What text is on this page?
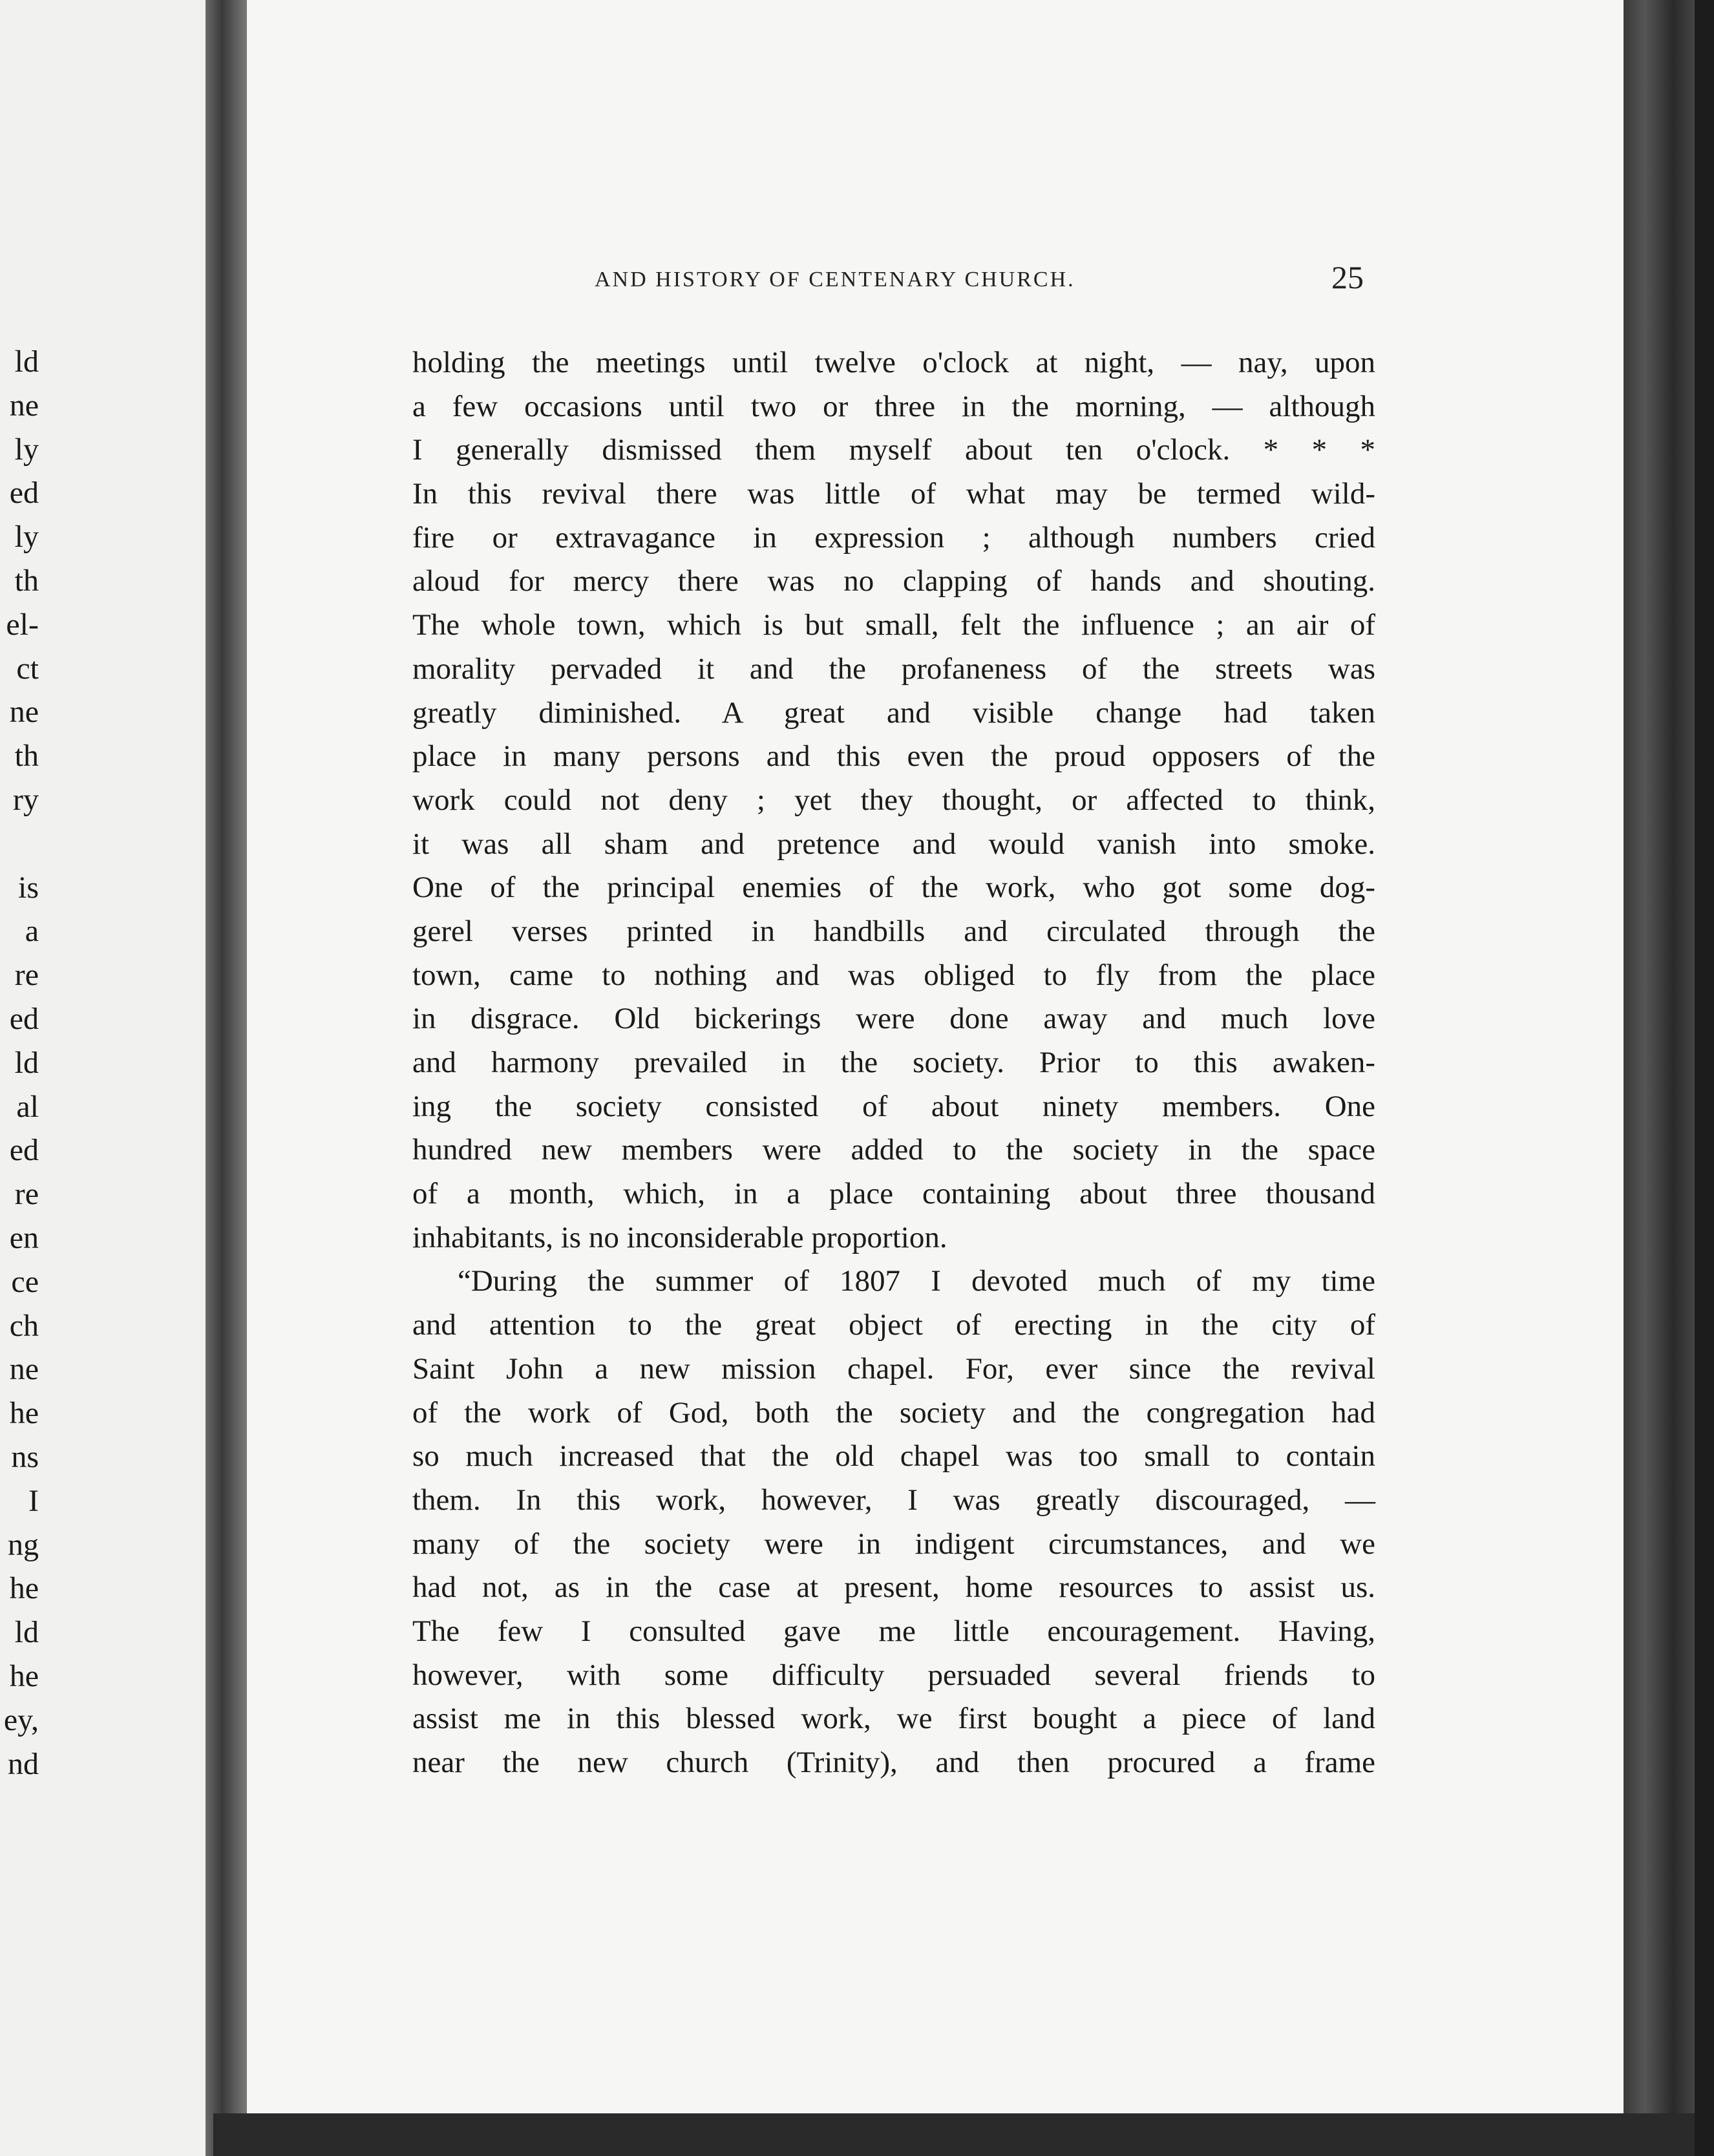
ld
ne
ly
ed
ly
th
el-
ct
ne
th
ry
is
a
re
ed
ld
al
ed
re
en
ce
ch
ne
he
ns
I
ng
he
ld
he
ey,
nd
AND HISTORY OF CENTENARY CHURCH.	25
holding the meetings until twelve o'clock at night, — nay, upon
a few occasions until two or three in the morning, — although
I generally dismissed them myself about ten o'clock. * * *
In this revival there was little of what may be termed wild-
fire or extravagance in expression ; although numbers cried
aloud for mercy there was no clapping of hands and shouting.
The whole town, which is but small, felt the influence ; an air of
morality pervaded it and the profaneness of the streets was
greatly diminished. A great and visible change had taken
place in many persons and this even the proud opposers of the
work could not deny ; yet they thought, or affected to think,
it was all sham and pretence and would vanish into smoke.
One of the principal enemies of the work, who got some dog-
gerel verses printed in handbills and circulated through the
town, came to nothing and was obliged to fly from the place
in disgrace. Old bickerings were done away and much love
and harmony prevailed in the society. Prior to this awaken-
ing the society consisted of about ninety members. One
hundred new members were added to the society in the space
of a month, which, in a place containing about three thousand
inhabitants, is no inconsiderable proportion.
“During the summer of 1807 I devoted much of my time
and attention to the great object of erecting in the city of
Saint John a new mission chapel. For, ever since the revival
of the work of God, both the society and the congregation had
so much increased that the old chapel was too small to contain
them. In this work, however, I was greatly discouraged, —
many of the society were in indigent circumstances, and we
had not, as in the case at present, home resources to assist us.
The few I consulted gave me little encouragement. Having,
however, with some difficulty persuaded several friends to
assist me in this blessed work, we first bought a piece of land
near the new church (Trinity), and then procured a frame
